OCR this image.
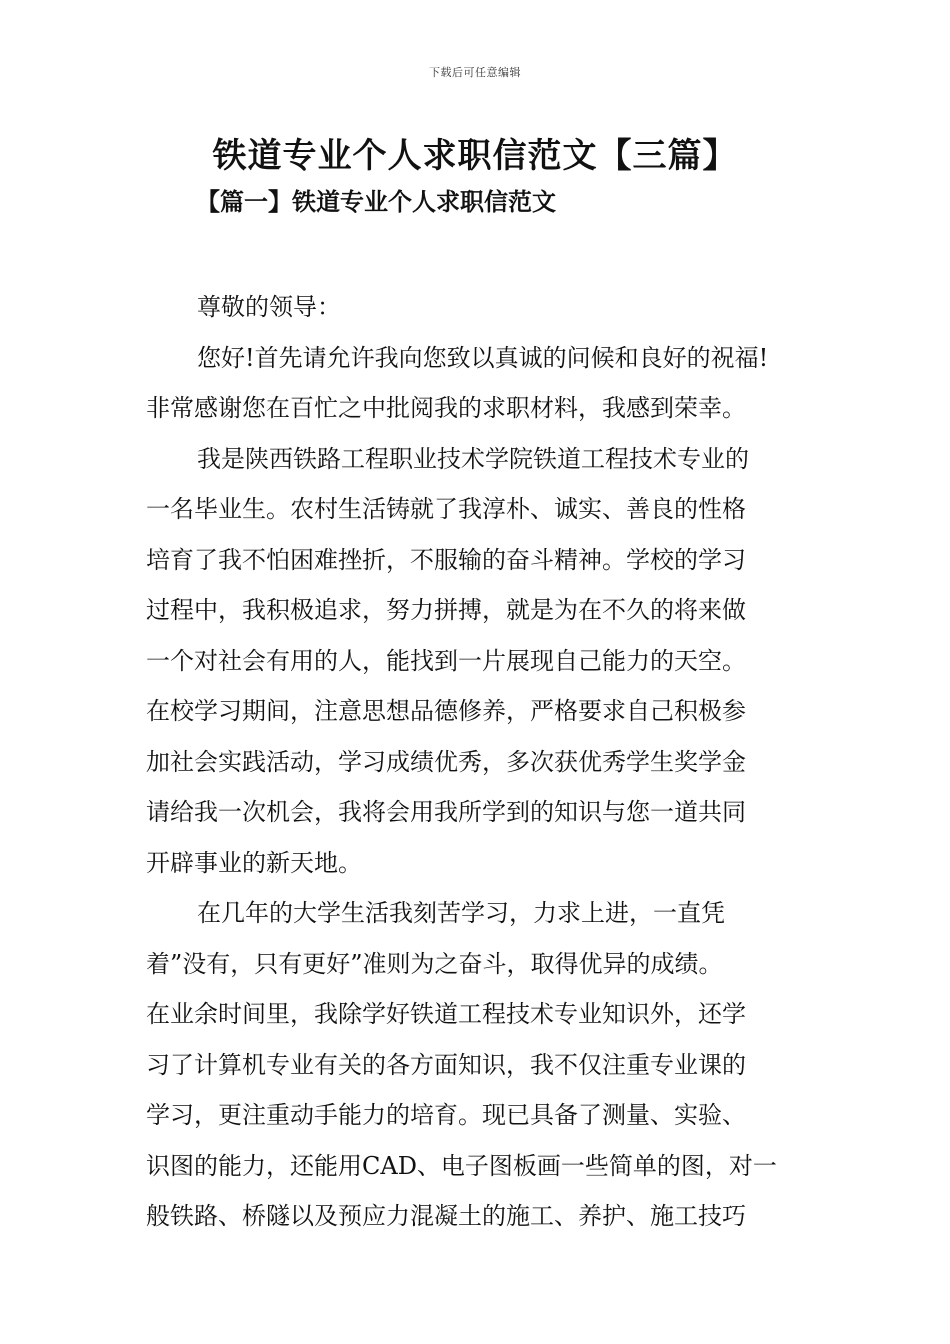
下载后可任意编辑
铁道专业个人求职信范文【三篇】
【篇一】铁道专业个人求职信范文

尊敬的领导：

您好!首先请允许我向您致以真诚的问候和良好的祝福!
非常感谢您在百忙之中批阅我的求职材料，我感到荣幸。

我是陕西铁路工程职业技术学院铁道工程技术专业的
一名毕业生。农村生活铸就了我淳朴、诚实、善良的性格
培育了我不怕困难挫折，不服输的奋斗精神。学校的学习
过程中，我积极追求，努力拼搏，就是为在不久的将来做
一个对社会有用的人，能找到一片展现自己能力的天空。
在校学习期间，注意思想品德修养，严格要求自己积极参
加社会实践活动，学习成绩优秀，多次获优秀学生奖学金
请给我一次机会，我将会用我所学到的知识与您一道共同
开辟事业的新天地。

在几年的大学生活我刻苦学习，力求上进，一直凭
着”没有，只有更好”准则为之奋斗，取得优异的成绩。
在业余时间里，我除学好铁道工程技术专业知识外，还学
习了计算机专业有关的各方面知识，我不仅注重专业课的
学习，更注重动手能力的培育。现已具备了测量、实验、
识图的能力，还能用CAD、电子图板画一些简单的图，对一
般铁路、桥隧以及预应力混凝土的施工、养护、施工技巧
